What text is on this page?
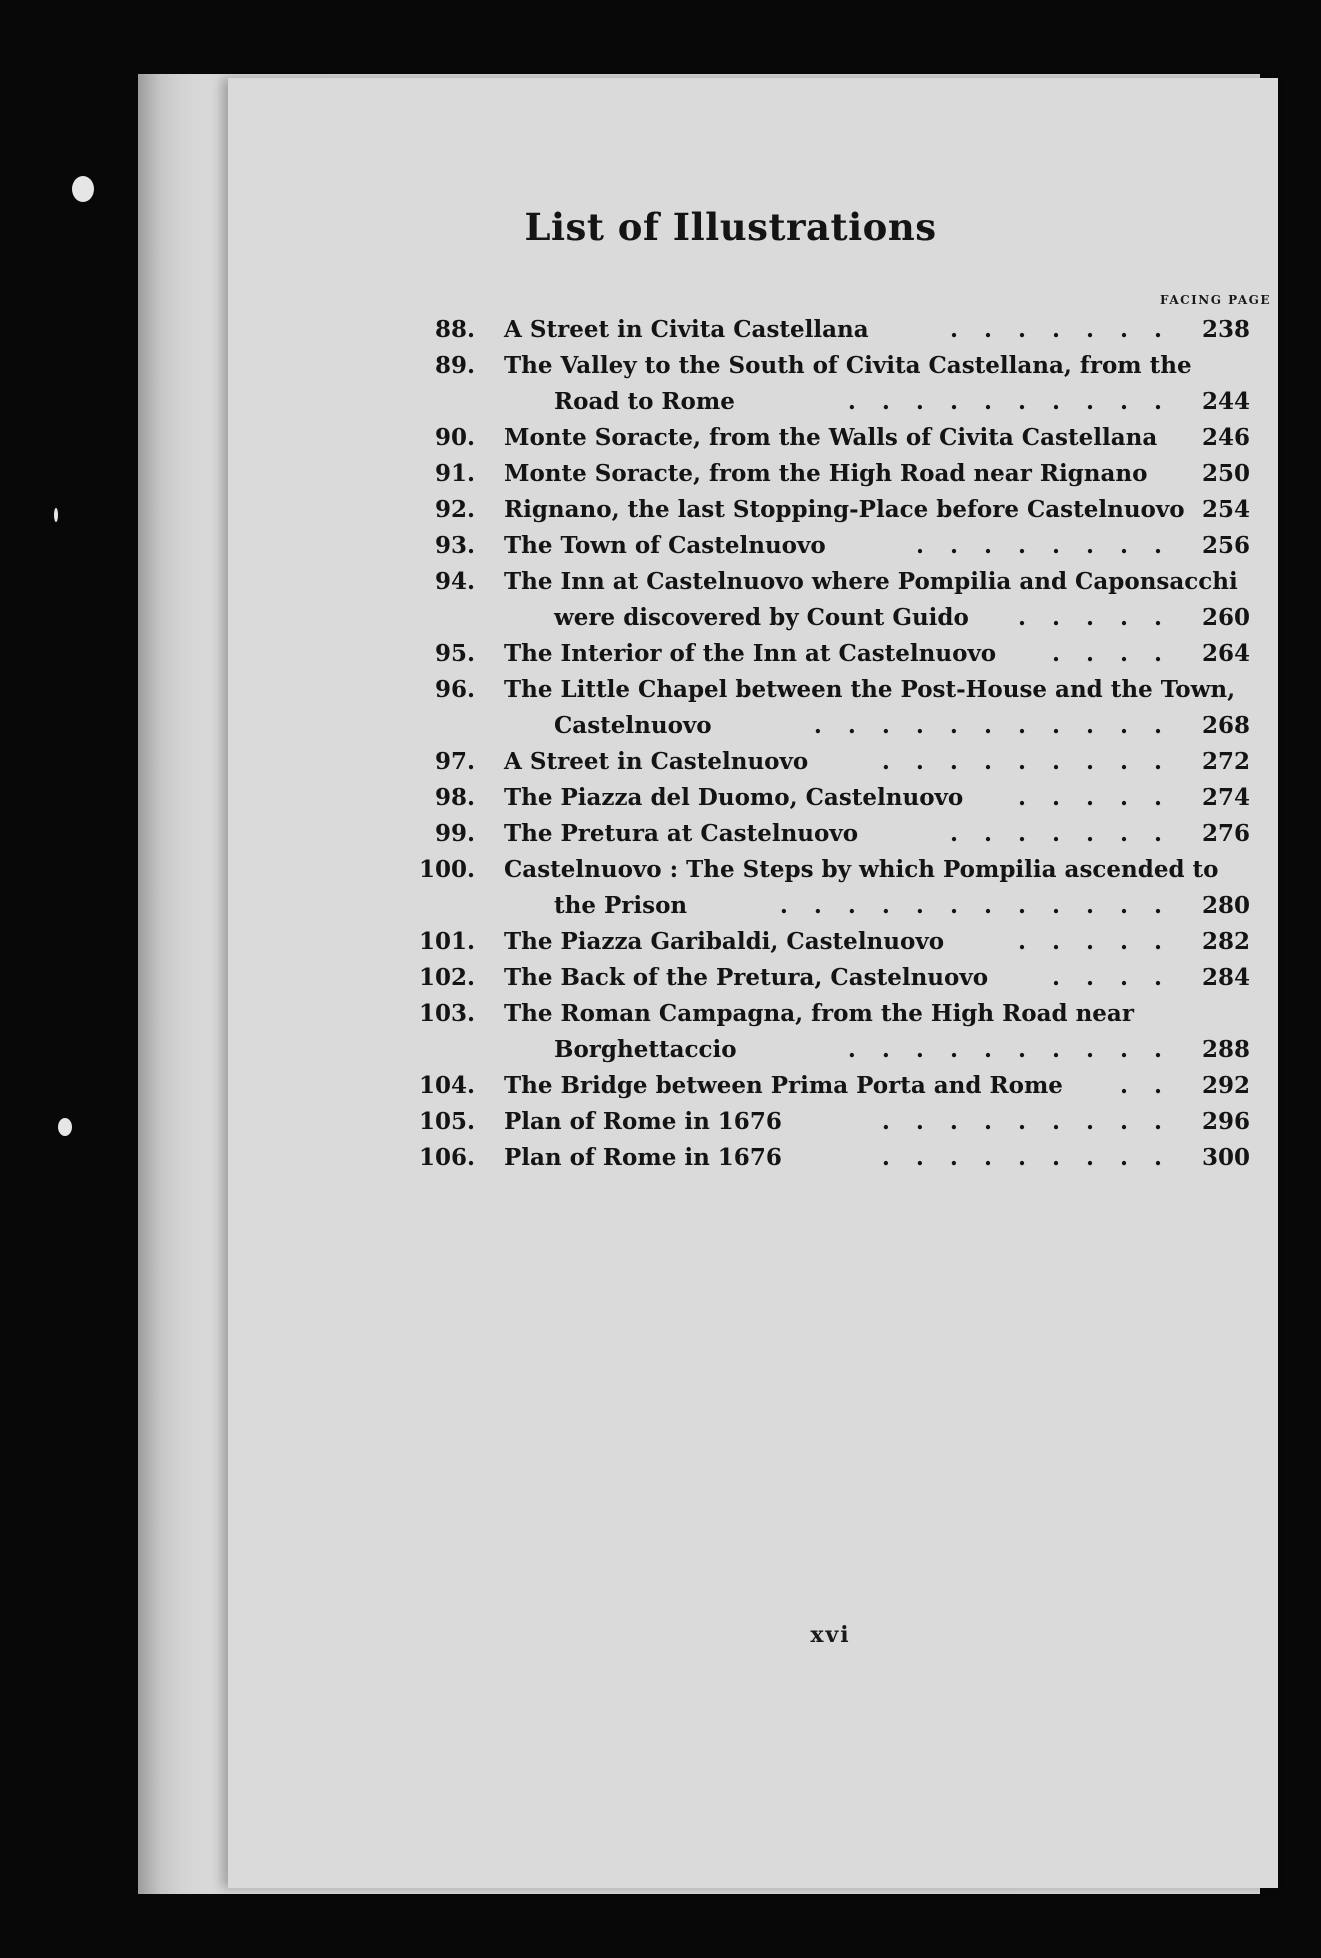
List of Illustrations
FACING PAGE
88. A Street in Civita Castellana	....... 238
89. The Valley to the South of Civita Castellana, from the
Road to Rome	.......... 244
90. Monte Soracte, from the Walls of Civita Castellana	246
91. Monte Soracte, from the High Road near Rignano	250
92. Rignano, the last Stopping-Place before Castelnuovo 254
93. The Town of Castelnuovo	........ 256
94. The Inn at Castelnuovo where Pompilia and Caponsacchi
were discovered by Count Guido ..... 260
95. The Interior of the Inn at Castelnuovo .... 264
96. The Little Chapel between the Post-House and the Town,
Castelnuovo	........... 268
97. A Street in Castelnuovo	......... 272
98. The Piazza del Duomo, Castelnuovo ..... 274
99. The Pretura at Castelnuovo	....... 276
100. Castelnuovo : The Steps by which Pompilia ascended to
the Prison	............ 280
101. The Piazza Garibaldi, Castelnuovo	..... 282
102. The Back of the Pretura, Castelnuovo	.... 284
103. The Roman Campagna, from the High Road near
Borghettaccio	.......... 288
104. The Bridge between Prima Porta and Rome .. 292
105. Plan of Rome in 1676	......... 296
106. Plan of Rome in 1676	......... 300
xvi
